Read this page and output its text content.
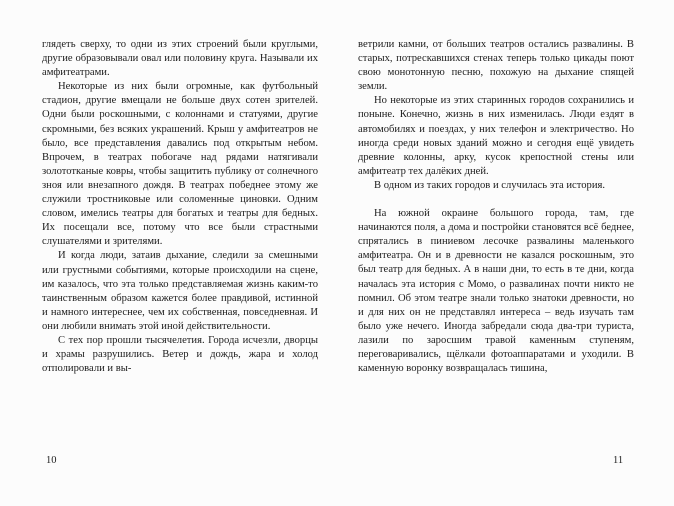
глядеть сверху, то одни из этих строений были круглыми, другие образовывали овал или половину круга. Называли их амфитеатрами.

Некоторые из них были огромные, как футбольный стадион, другие вмещали не больше двух сотен зрителей. Одни были роскошными, с колоннами и статуями, другие скромными, без всяких украшений. Крыш у амфитеатров не было, все представления давались под открытым небом. Впрочем, в театрах побогаче над рядами натягивали золототканые ковры, чтобы защитить публику от солнечного зноя или внезапного дождя. В театрах победнее этому же служили тростниковые или соломенные циновки. Одним словом, имелись театры для богатых и театры для бедных. Их посещали все, потому что все были страстными слушателями и зрителями.

И когда люди, затаив дыхание, следили за смешными или грустными событиями, которые происходили на сцене, им казалось, что эта только представляемая жизнь каким-то таинственным образом кажется более правдивой, истинной и намного интереснее, чем их собственная, повседневная. И они любили внимать этой иной действительности.

С тех пор прошли тысячелетия. Города исчезли, дворцы и храмы разрушились. Ветер и дождь, жара и холод отполировали и вы-

ветрили камни, от больших театров остались развалины. В старых, потрескавшихся стенах теперь только цикады поют свою монотонную песню, похожую на дыхание спящей земли.

Но некоторые из этих старинных городов сохранились и поныне. Конечно, жизнь в них изменилась. Люди ездят в автомобилях и поездах, у них телефон и электричество. Но иногда среди новых зданий можно и сегодня ещё увидеть древние колонны, арку, кусок крепостной стены или амфитеатр тех далёких дней.

В одном из таких городов и случилась эта история.

На южной окраине большого города, там, где начинаются поля, а дома и постройки становятся всё беднее, спрятались в пиниевом лесочке развалины маленького амфитеатра. Он и в древности не казался роскошным, это был театр для бедных. А в наши дни, то есть в те дни, когда началась эта история с Момо, о развалинах почти никто не помнил. Об этом театре знали только знатоки древности, но и для них он не представлял интереса – ведь изучать там было уже нечего. Иногда забредали сюда два-три туриста, лазили по заросшим травой каменным ступеням, переговаривались, щёлкали фотоаппаратами и уходили. В каменную воронку возвращалась тишина,

10	11
